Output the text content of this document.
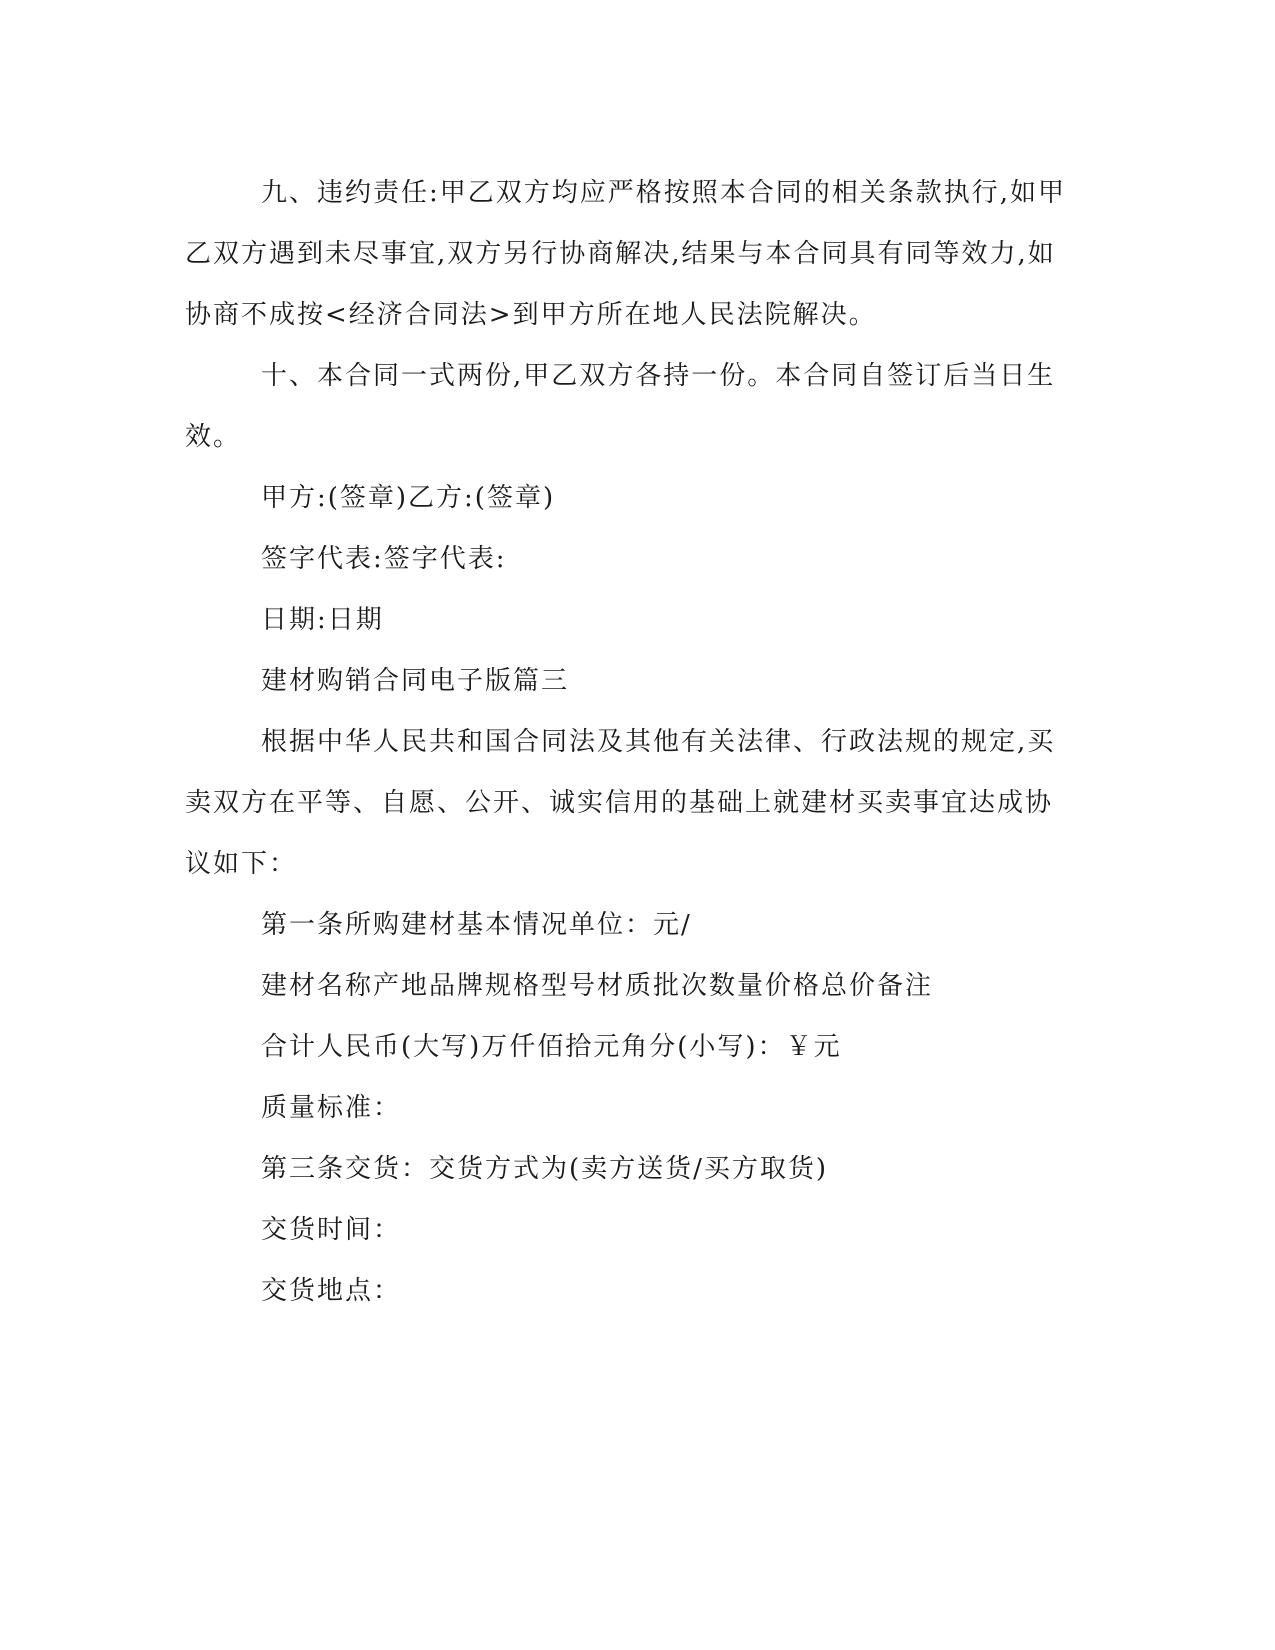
九、违约责任:甲乙双方均应严格按照本合同的相关条款执行,如甲乙双方遇到未尽事宜,双方另行协商解决,结果与本合同具有同等效力,如协商不成按<经济合同法>到甲方所在地人民法院解决。

十、本合同一式两份,甲乙双方各持一份。本合同自签订后当日生效。

甲方:(签章)乙方:(签章)

签字代表:签字代表:

日期:日期

建材购销合同电子版篇三

根据中华人民共和国合同法及其他有关法律、行政法规的规定,买卖双方在平等、自愿、公开、诚实信用的基础上就建材买卖事宜达成协议如下：

第一条所购建材基本情况单位：元/

建材名称产地品牌规格型号材质批次数量价格总价备注

合计人民币(大写)万仟佰拾元角分(小写)：￥元

质量标准：

第三条交货：交货方式为(卖方送货/买方取货)

交货时间：

交货地点：
